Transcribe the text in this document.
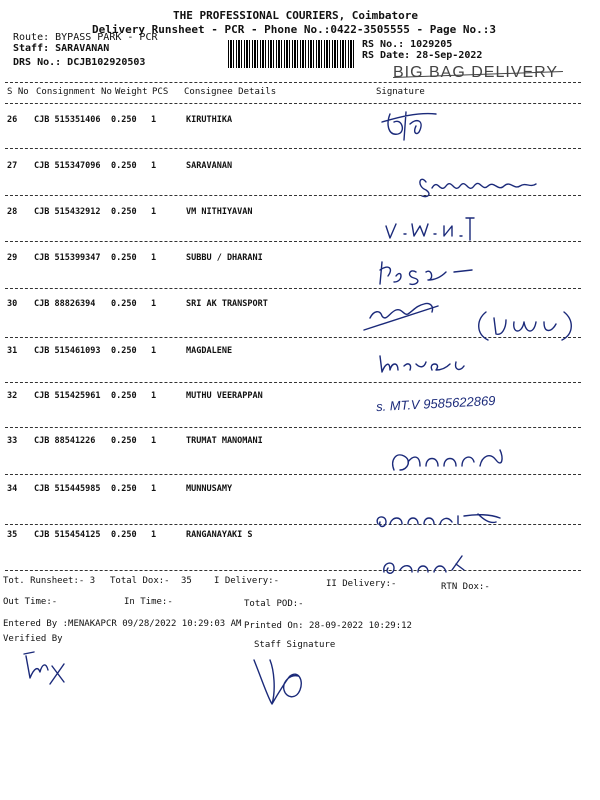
THE PROFESSIONAL COURIERS, Coimbatore
Delivery Runsheet - PCR - Phone No.:0422-3505555 - Page No.:3
Route: BYPASS PARK - PCR
Staff: SARAVANAN
DRS No.: DCJB102920503
RS No.: 1029205
RS Date: 28-Sep-2022
BIG BAG DELIVERY
S No Consignment No Weight PCS Consignee Details	Signature
26 CJB 515351406 0.250 1	KIRUTHIKA
27 CJB 515347096 0.250 1	SARAVANAN
28 CJB 515432912 0.250 1	VM NITHIYAVAN
29 CJB 515399347 0.250 1	SUBBU / DHARANI
30 CJB 88826394 0.250 1	SRI AK TRANSPORT
31 CJB 515461093 0.250 1	MAGDALENE
32 CJB 515425961 0.250 1	MUTHU VEERAPPAN
33 CJB 88541226 0.250 1	TRUMAT MANOMANI
34 CJB 515445985 0.250 1	MUNNUSAMY
35 CJB 515454125 0.250 1	RANGANAYAKI S
s. MT.V 9585622869
Tot. Runsheet:- 3 Total Dox:- 35 I Delivery:-	II Delivery:-	RTN Dox:-
Out Time:-	In Time:-	Total POD:-
Entered By :MENAKAPCR 09/28/2022 10:29:03 AM Printed On: 28-09-2022 10:29:12
Verified By
Staff Signature
